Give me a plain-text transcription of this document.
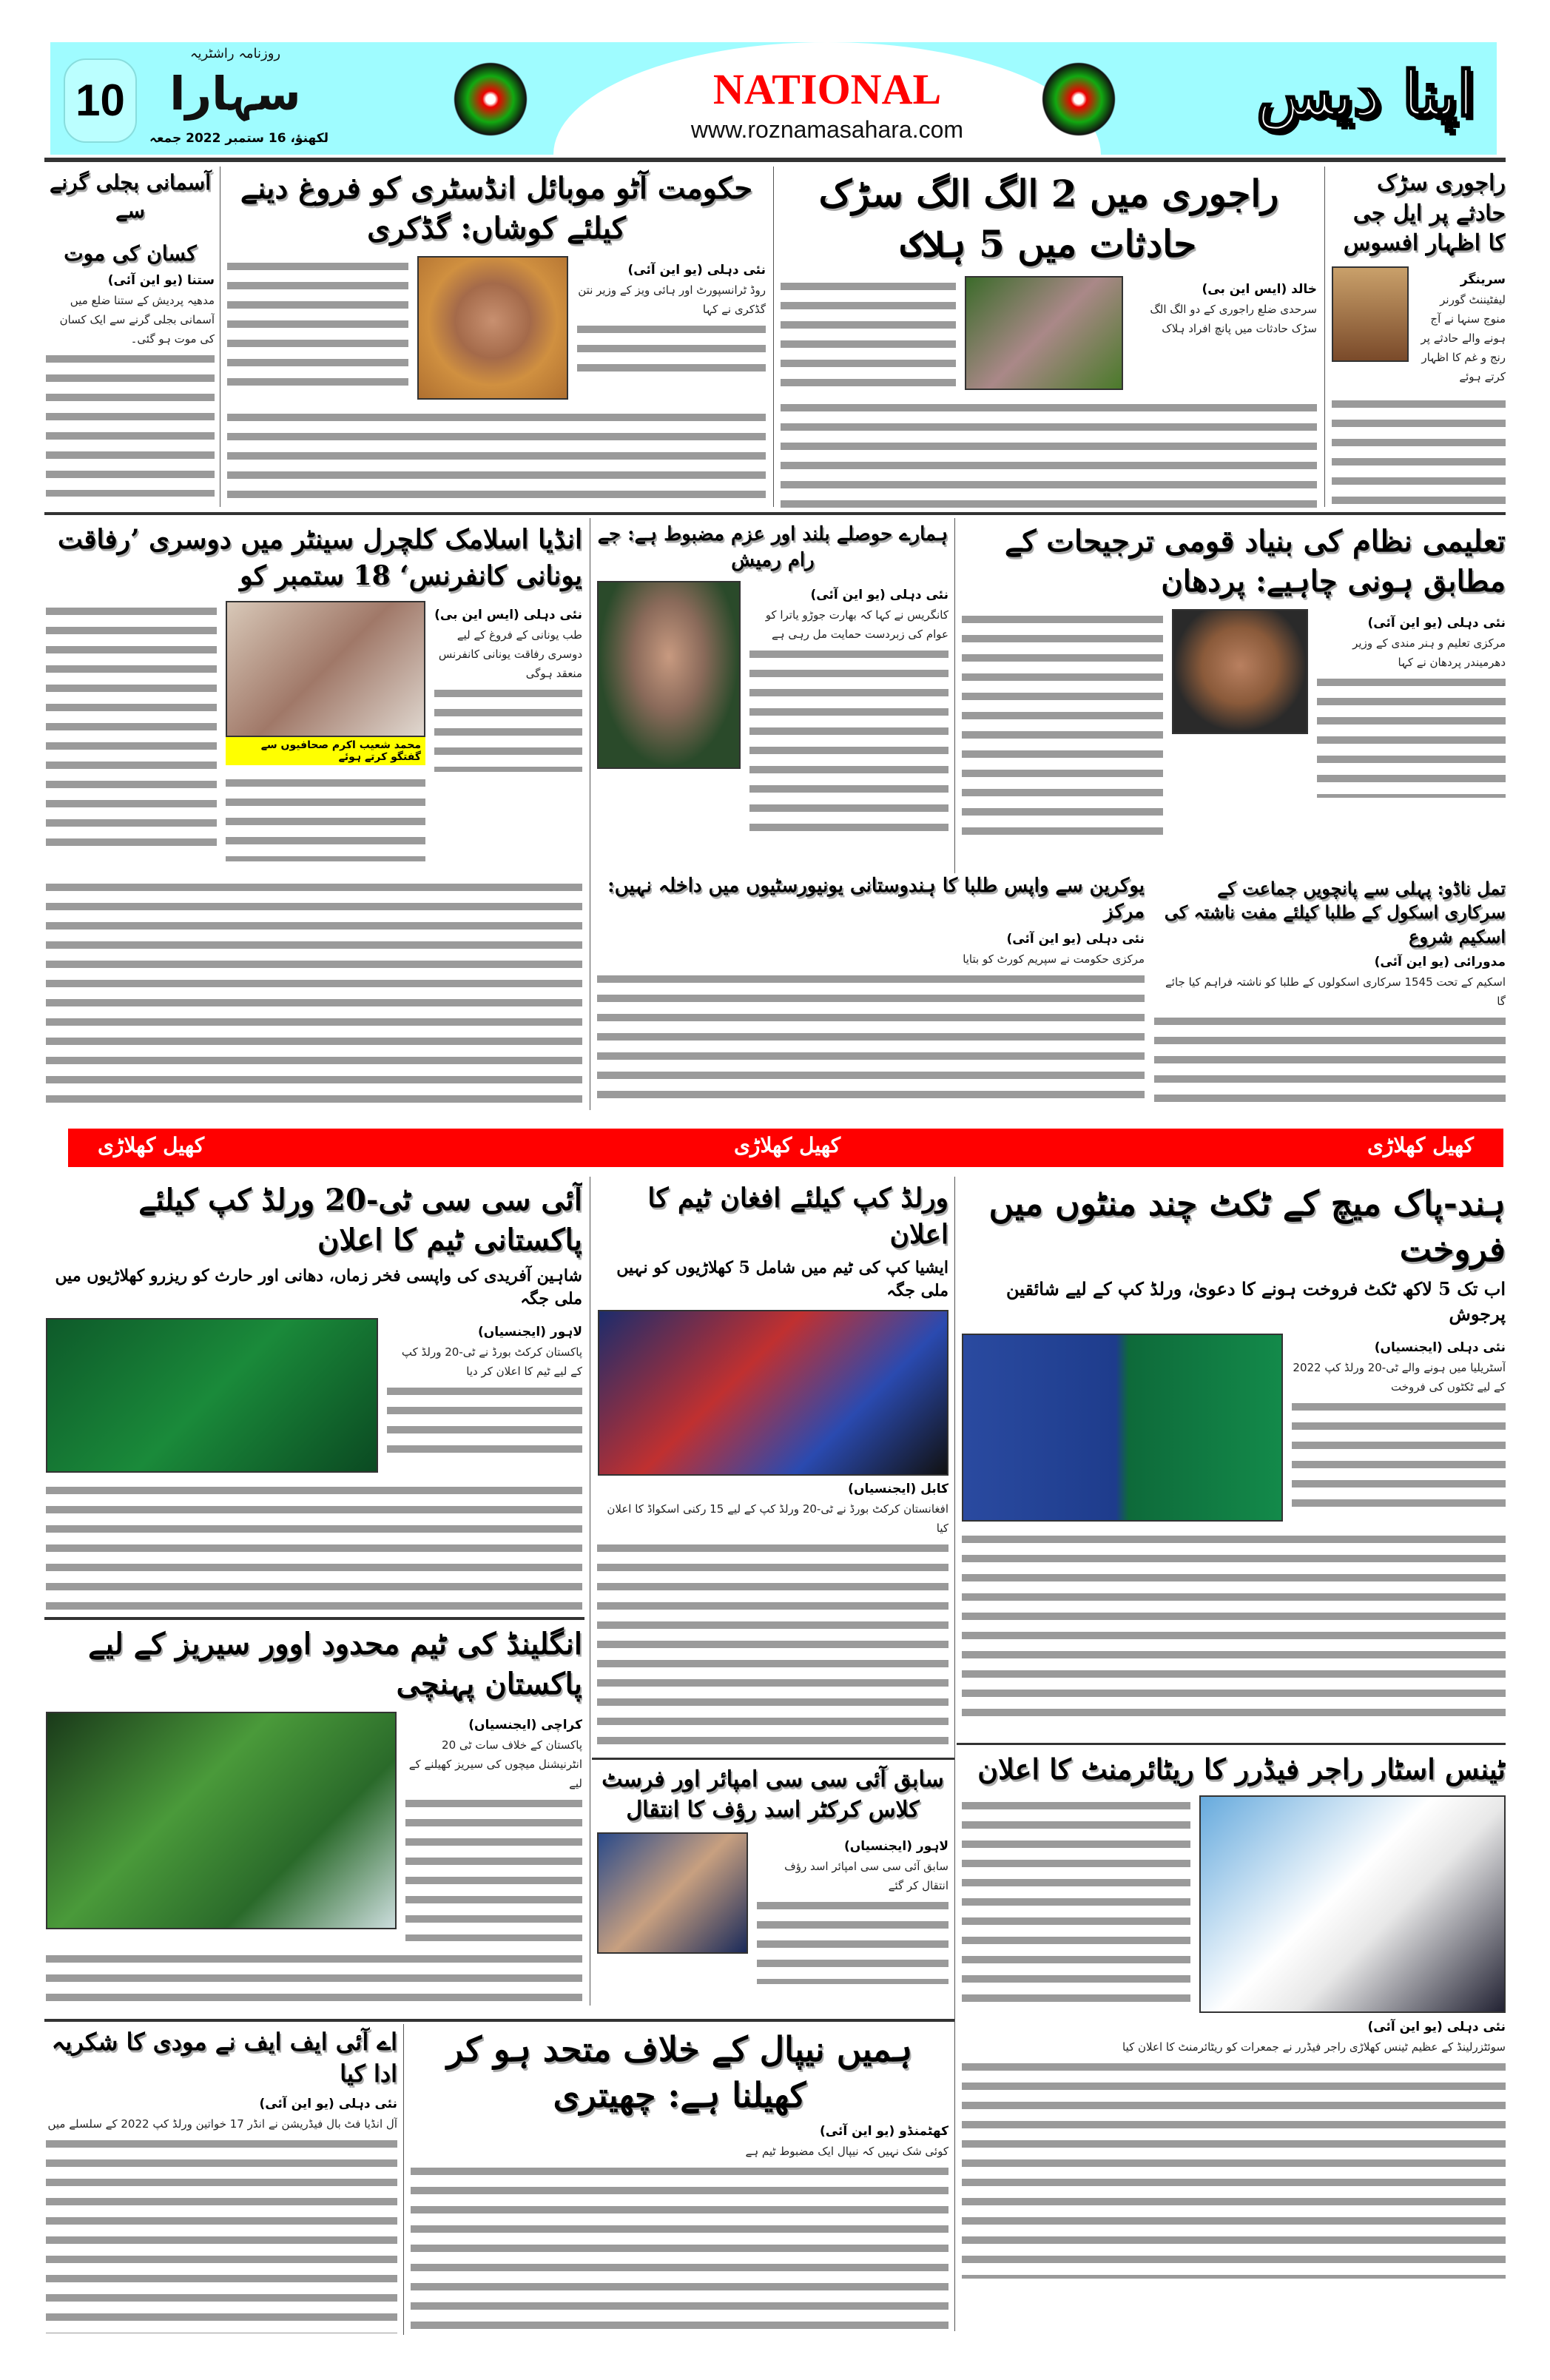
10
روزنامہ راشٹریہ
سہارا
لکھنؤ، 16 ستمبر 2022 جمعہ
NATIONAL
www.roznamasahara.com	اپنا دیس
راجوری سڑک حادثے پر ایل جی کا اظہار افسوس
سرینگر
لیفٹیننٹ گورنر منوج سنہا نے آج ہونے والے حادثے پر رنج و غم کا اظہار کرتے ہوئے
راجوری میں 2 الگ الگ سڑک حادثات میں 5 ہلاک
خالد (ایس این بی)
سرحدی ضلع راجوری کے دو الگ الگ سڑک حادثات میں پانچ افراد ہلاک
حکومت آٹو موبائل انڈسٹری کو فروغ دینے کیلئے کوشاں: گڈکری
نئی دہلی (یو این آئی)
روڈ ٹرانسپورٹ اور ہائی ویز کے وزیر نتن گڈکری نے کہا
آسمانی بجلی گرنے سے
کسان کی موت
ستنا (یو این آئی)
مدھیہ پردیش کے ستنا ضلع میں آسمانی بجلی گرنے سے ایک کسان کی موت ہو گئی۔
تعلیمی نظام کی بنیاد قومی ترجیحات کے مطابق ہونی چاہیے: پردھان
نئی دہلی (یو این آئی)
مرکزی تعلیم و ہنر مندی کے وزیر دھرمیندر پردھان نے کہا
ہمارے حوصلے بلند اور عزم مضبوط ہے: جے رام رمیش
نئی دہلی (یو این آئی)
کانگریس نے کہا کہ بھارت جوڑو یاترا کو عوام کی زبردست حمایت مل رہی ہے
انڈیا اسلامک کلچرل سینٹر میں دوسری ’رفاقت یونانی کانفرنس‘ 18 ستمبر کو
نئی دہلی (ایس این بی)
طب یونانی کے فروغ کے لیے دوسری رفاقت یونانی کانفرنس منعقد ہوگی
محمد شعیب اکرم صحافیوں سے گفتگو کرتے ہوئے
یوکرین سے واپس طلبا کا ہندوستانی یونیورسٹیوں میں داخلہ نہیں: مرکز
نئی دہلی (یو این آئی)
مرکزی حکومت نے سپریم کورٹ کو بتایا
تمل ناڈو: پہلی سے پانچویں جماعت کے سرکاری اسکول کے طلبا کیلئے مفت ناشتہ کی اسکیم شروع
مدورائی (یو این آئی)
اسکیم کے تحت 1545 سرکاری اسکولوں کے طلبا کو ناشتہ فراہم کیا جائے گا
کھیل کھلاڑی
کھیل کھلاڑی
کھیل کھلاڑی
ہند-پاک میچ کے ٹکٹ چند منٹوں میں فروخت
اب تک 5 لاکھ ٹکٹ فروخت ہونے کا دعویٰ، ورلڈ کپ کے لیے شائقین پرجوش
نئی دہلی (ایجنسیاں)
آسٹریلیا میں ہونے والے ٹی-20 ورلڈ کپ 2022 کے لیے ٹکٹوں کی فروخت
ورلڈ کپ کیلئے افغان ٹیم کا اعلان
ایشیا کپ کی ٹیم میں شامل 5 کھلاڑیوں کو نہیں ملی جگہ
کابل (ایجنسیاں)
افغانستان کرکٹ بورڈ نے ٹی-20 ورلڈ کپ کے لیے 15 رکنی اسکواڈ کا اعلان کیا
آئی سی سی ٹی-20 ورلڈ کپ کیلئے پاکستانی ٹیم کا اعلان
شاہین آفریدی کی واپسی فخر زماں، دھانی اور حارث کو ریزرو کھلاڑیوں میں ملی جگہ
لاہور (ایجنسیاں)
پاکستان کرکٹ بورڈ نے ٹی-20 ورلڈ کپ کے لیے ٹیم کا اعلان کر دیا
انگلینڈ کی ٹیم محدود اوور سیریز کے لیے پاکستان پہنچی
کراچی (ایجنسیاں)
پاکستان کے خلاف سات ٹی 20 انٹرنیشنل میچوں کی سیریز کھیلنے کے لیے سابق آئی سی سی امپائر اور فرسٹ کلاس کرکٹر اسد رؤف کا انتقال
لاہور (ایجنسیاں)
سابق آئی سی سی امپائر اسد رؤف انتقال کر گئے
ٹینس اسٹار راجر فیڈرر کا ریٹائرمنٹ کا اعلان
نئی دہلی (یو این آئی)
سوئٹزرلینڈ کے عظیم ٹینس کھلاڑی راجر فیڈرر نے جمعرات کو ریٹائرمنٹ کا اعلان کیا
ہمیں نیپال کے خلاف متحد ہو کر کھیلنا ہے: چھیتری
کھٹمنڈو (یو این آئی)
کوئی شک نہیں کہ نیپال ایک مضبوط ٹیم ہے
اے آئی ایف ایف نے مودی کا شکریہ ادا کیا
نئی دہلی (یو این آئی)
آل انڈیا فٹ بال فیڈریشن نے انڈر 17 خواتین ورلڈ کپ 2022 کے سلسلے میں
